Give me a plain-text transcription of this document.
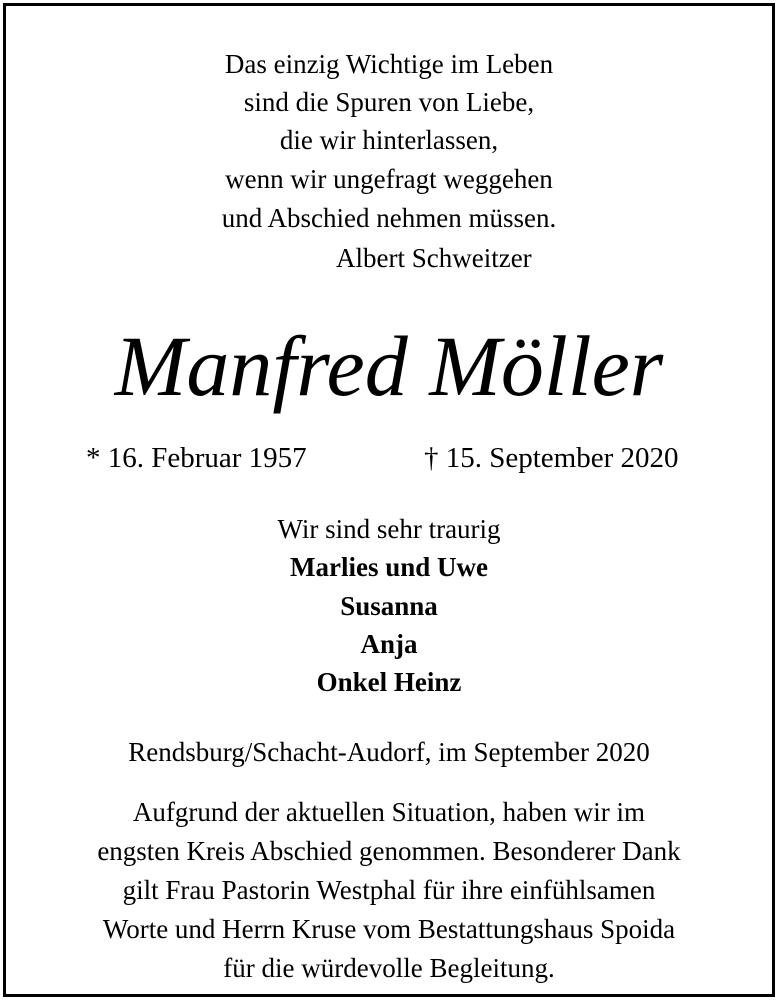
Das einzig Wichtige im Leben
sind die Spuren von Liebe,
die wir hinterlassen,
wenn wir ungefragt weggehen
und Abschied nehmen müssen.
Albert Schweitzer
Manfred Möller
* 16. Februar 1957	† 15. September 2020
Wir sind sehr traurig
Marlies und Uwe
Susanna
Anja
Onkel Heinz
Rendsburg/Schacht-Audorf, im September 2020
Aufgrund der aktuellen Situation, haben wir im
engsten Kreis Abschied genommen. Besonderer Dank
gilt Frau Pastorin Westphal für ihre einfühlsamen
Worte und Herrn Kruse vom Bestattungshaus Spoida
für die würdevolle Begleitung.
